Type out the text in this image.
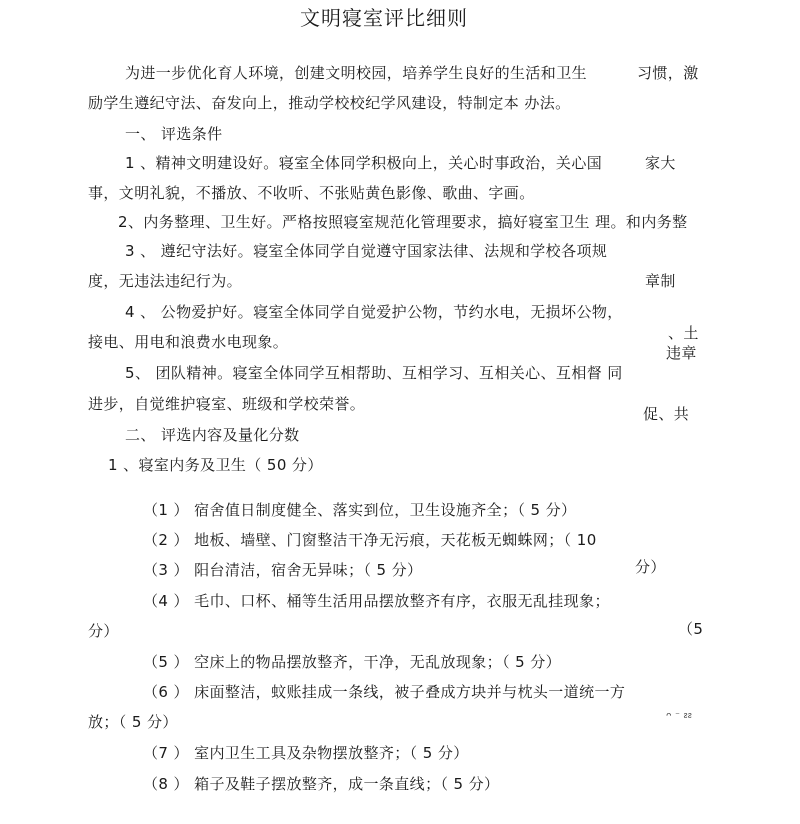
文明寝室评比细则
为进一步优化育人环境，创建文明校园，培养学生良好的生活和卫生	习惯，激
励学生遵纪守法、奋发向上，推动学校校纪学风建设，特制定本 办法。
一、 评选条件
1 、精神文明建设好。寝室全体同学积极向上，关心时事政治，关心国	家大
事，文明礼貌，不播放、不收听、不张贴黄色影像、歌曲、字画。
2、内务整理、卫生好。严格按照寝室规范化管理要求，搞好寝室卫生 理。和内务整
3 、 遵纪守法好。寝室全体同学自觉遵守国家法律、法规和学校各项规
度，无违法违纪行为。	章制
4 、 公物爱护好。寝室全体同学自觉爱护公物，节约水电，无损坏公物，
、土
接电、用电和浪费水电现象。
违章
5、 团队精神。寝室全体同学互相帮助、互相学习、互相关心、互相督 同
进步，自觉维护寝室、班级和学校荣誉。
促、共
二、 评选内容及量化分数
1 、寝室内务及卫生（ 50 分）
（1 ） 宿舍值日制度健全、落实到位，卫生设施齐全；（ 5 分）
（2 ） 地板、墙壁、门窗整洁干净无污痕，天花板无蜘蛛网；（ 10
（3 ） 阳台清洁，宿舍无异味；（ 5 分）	分）
（4 ） 毛巾、口杯、桶等生活用品摆放整齐有序，衣服无乱挂现象；
（5
分）
（5 ） 空床上的物品摆放整齐，干净，无乱放现象；（ 5 分）
（6 ） 床面整洁，蚊账挂成一条线，被子叠成方块并与枕头一道统一方
ᴖ ⁻ ᴤᴤ
放；（ 5 分）
（7 ） 室内卫生工具及杂物摆放整齐；（ 5 分）
（8 ） 箱子及鞋子摆放整齐，成一条直线；（ 5 分）
